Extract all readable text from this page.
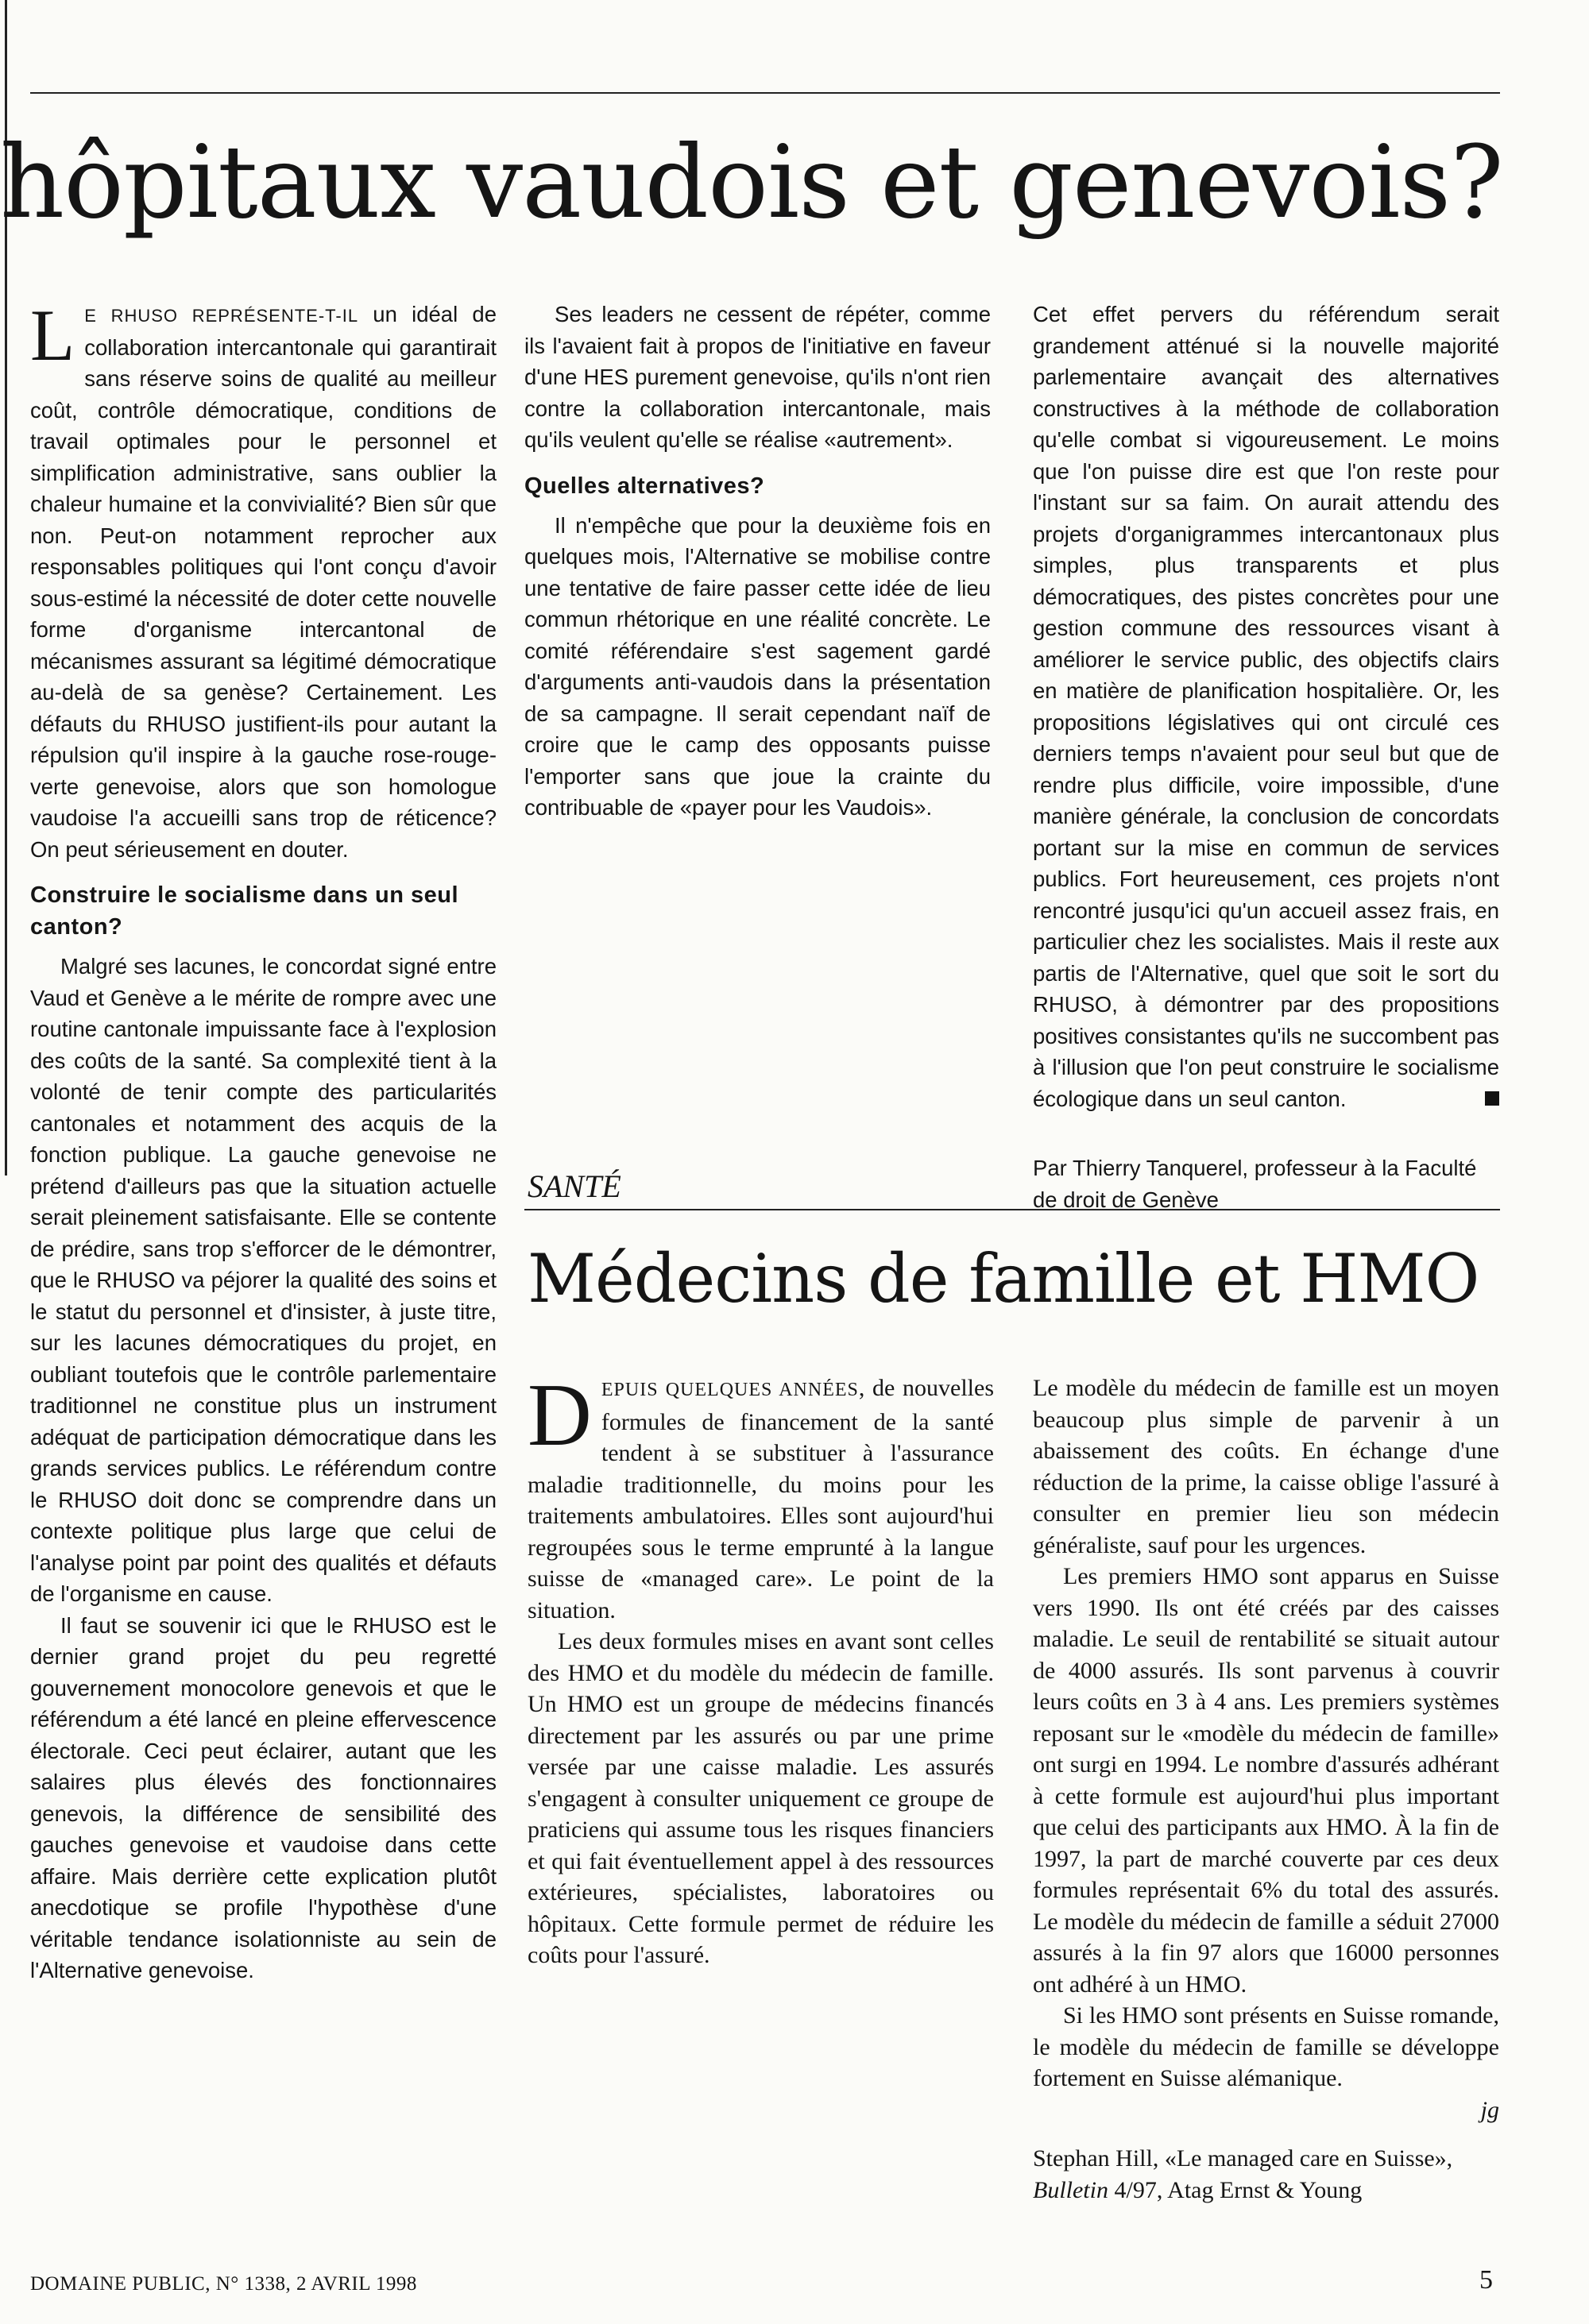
hôpitaux vaudois et genevois?

LE RHUSO REPRÉSENTE-T-IL un idéal de collaboration intercantonale qui garantirait sans réserve soins de qualité au meilleur coût, contrôle démocratique, conditions de travail optimales pour le personnel et simplification administrative, sans oublier la chaleur humaine et la convivialité? Bien sûr que non. Peut-on notamment reprocher aux responsables politiques qui l'ont conçu d'avoir sous-estimé la nécessité de doter cette nouvelle forme d'organisme intercantonal de mécanismes assurant sa légitimé démocratique au-delà de sa genèse? Certainement. Les défauts du RHUSO justifient-ils pour autant la répulsion qu'il inspire à la gauche rose-rouge-verte genevoise, alors que son homologue vaudoise l'a accueilli sans trop de réticence? On peut sérieusement en douter.

Construire le socialisme dans un seul canton?

Malgré ses lacunes, le concordat signé entre Vaud et Genève a le mérite de rompre avec une routine cantonale impuissante face à l'explosion des coûts de la santé. Sa complexité tient à la volonté de tenir compte des particularités cantonales et notamment des acquis de la fonction publique. La gauche genevoise ne prétend d'ailleurs pas que la situation actuelle serait pleinement satisfaisante. Elle se contente de prédire, sans trop s'efforcer de le démontrer, que le RHUSO va péjorer la qualité des soins et le statut du personnel et d'insister, à juste titre, sur les lacunes démocratiques du projet, en oubliant toutefois que le contrôle parlementaire traditionnel ne constitue plus un instrument adéquat de participation démocratique dans les grands services publics. Le référendum contre le RHUSO doit donc se comprendre dans un contexte politique plus large que celui de l'analyse point par point des qualités et défauts de l'organisme en cause.

Il faut se souvenir ici que le RHUSO est le dernier grand projet du peu regretté gouvernement monocolore genevois et que le référendum a été lancé en pleine effervescence électorale. Ceci peut éclairer, autant que les salaires plus élevés des fonctionnaires genevois, la différence de sensibilité des gauches genevoise et vaudoise dans cette affaire. Mais derrière cette explication plutôt anecdotique se profile l'hypothèse d'une véritable tendance isolationniste au sein de l'Alternative genevoise.

Ses leaders ne cessent de répéter, comme ils l'avaient fait à propos de l'initiative en faveur d'une HES purement genevoise, qu'ils n'ont rien contre la collaboration intercantonale, mais qu'ils veulent qu'elle se réalise «autrement».

Quelles alternatives?

Il n'empêche que pour la deuxième fois en quelques mois, l'Alternative se mobilise contre une tentative de faire passer cette idée de lieu commun rhétorique en une réalité concrète. Le comité référendaire s'est sagement gardé d'arguments anti-vaudois dans la présentation de sa campagne. Il serait cependant naïf de croire que le camp des opposants puisse l'emporter sans que joue la crainte du contribuable de «payer pour les Vaudois».

Cet effet pervers du référendum serait grandement atténué si la nouvelle majorité parlementaire avançait des alternatives constructives à la méthode de collaboration qu'elle combat si vigoureusement. Le moins que l'on puisse dire est que l'on reste pour l'instant sur sa faim. On aurait attendu des projets d'organigrammes intercantonaux plus simples, plus transparents et plus démocratiques, des pistes concrètes pour une gestion commune des ressources visant à améliorer le service public, des objectifs clairs en matière de planification hospitalière. Or, les propositions législatives qui ont circulé ces derniers temps n'avaient pour seul but que de rendre plus difficile, voire impossible, d'une manière générale, la conclusion de concordats portant sur la mise en commun de services publics. Fort heureusement, ces projets n'ont rencontré jusqu'ici qu'un accueil assez frais, en particulier chez les socialistes. Mais il reste aux partis de l'Alternative, quel que soit le sort du RHUSO, à démontrer par des propositions positives consistantes qu'ils ne succombent pas à l'illusion que l'on peut construire le socialisme écologique dans un seul canton.

Par Thierry Tanquerel, professeur à la Faculté de droit de Genève
SANTÉ
Médecins de famille et HMO

DEPUIS QUELQUES ANNÉES, de nouvelles formules de financement de la santé tendent à se substituer à l'assurance maladie traditionnelle, du moins pour les traitements ambulatoires. Elles sont aujourd'hui regroupées sous le terme emprunté à la langue suisse de «managed care». Le point de la situation.

Les deux formules mises en avant sont celles des HMO et du modèle du médecin de famille. Un HMO est un groupe de médecins financés directement par les assurés ou par une prime versée par une caisse maladie. Les assurés s'engagent à consulter uniquement ce groupe de praticiens qui assume tous les risques financiers et qui fait éventuellement appel à des ressources extérieures, spécialistes, laboratoires ou hôpitaux. Cette formule permet de réduire les coûts pour l'assuré.

Le modèle du médecin de famille est un moyen beaucoup plus simple de parvenir à un abaissement des coûts. En échange d'une réduction de la prime, la caisse oblige l'assuré à consulter en premier lieu son médecin généraliste, sauf pour les urgences.

Les premiers HMO sont apparus en Suisse vers 1990. Ils ont été créés par des caisses maladie. Le seuil de rentabilité se situait autour de 4000 assurés. Ils sont parvenus à couvrir leurs coûts en 3 à 4 ans. Les premiers systèmes reposant sur le «modèle du médecin de famille» ont surgi en 1994. Le nombre d'assurés adhérant à cette formule est aujourd'hui plus important que celui des participants aux HMO. À la fin de 1997, la part de marché couverte par ces deux formules représentait 6% du total des assurés. Le modèle du médecin de famille a séduit 27000 assurés à la fin 97 alors que 16000 personnes ont adhéré à un HMO.

Si les HMO sont présents en Suisse romande, le modèle du médecin de famille se développe fortement en Suisse alémanique.

jg
Stephan Hill, «Le managed care en Suisse», Bulletin 4/97, Atag Ernst & Young
DOMAINE PUBLIC, N° 1338, 2 AVRIL 1998	5
